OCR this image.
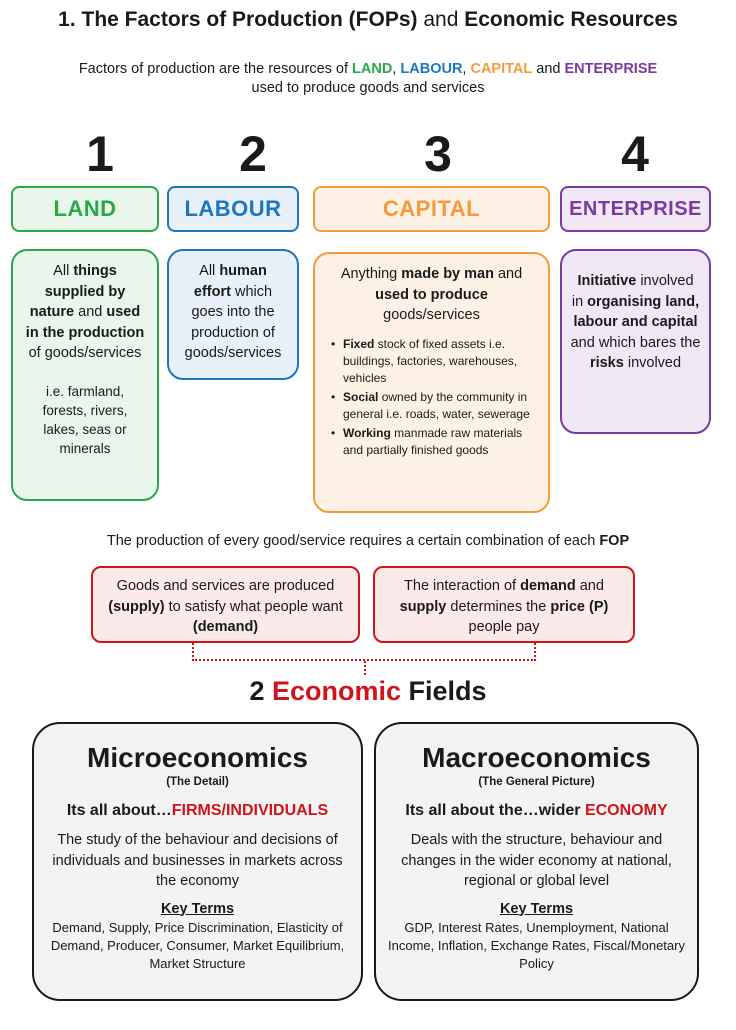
1. The Factors of Production (FOPs) and Economic Resources
Factors of production are the resources of LAND, LABOUR, CAPITAL and ENTERPRISE
used to produce goods and services
1	2	3	4
LAND	LABOUR	CAPITAL	ENTERPRISE
All things supplied by nature and used in the production of goods/services
i.e. farmland, forests, rivers, lakes, seas or minerals
All human effort which goes into the production of goods/services
Anything made by man and used to produce
goods/services
• Fixed stock of fixed assets i.e. buildings, factories, warehouses, vehicles
• Social owned by the community in general i.e. roads, water, sewerage
• Working manmade raw materials and partially finished goods
Initiative involved in organising land, labour and capital and which bares the risks involved
The production of every good/service requires a certain combination of each FOP
Goods and services are produced (supply) to satisfy what people want (demand)
The interaction of demand and
supply determines the price (P)
people pay
2 Economic Fields
Microeconomics
(The Detail)
Its all about…FIRMS/INDIVIDUALS
The study of the behaviour and decisions of individuals and businesses in markets across the economy
Key Terms
Demand, Supply, Price Discrimination, Elasticity of Demand, Producer, Consumer, Market Equilibrium, Market Structure
Macroeconomics
(The General Picture)
Its all about the…wider ECONOMY
Deals with the structure, behaviour and changes in the wider economy at national, regional or global level
Key Terms
GDP, Interest Rates, Unemployment, National Income, Inflation, Exchange Rates, Fiscal/Monetary Policy
